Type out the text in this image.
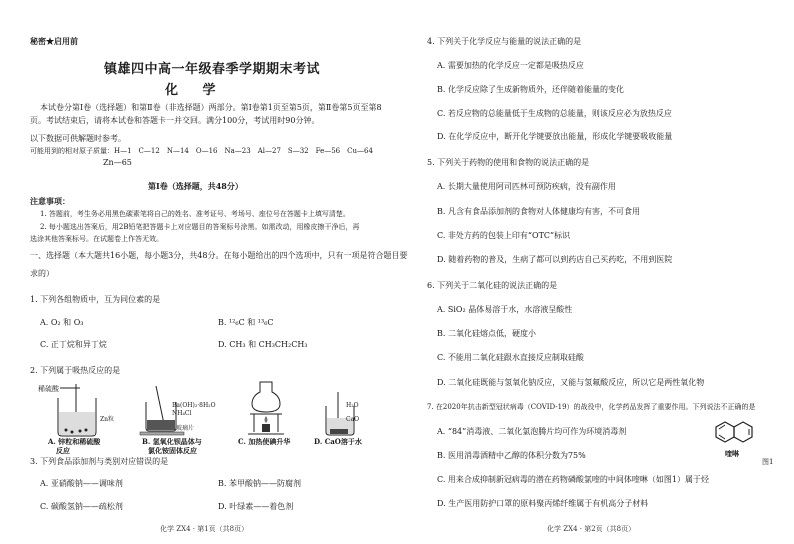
秘密★启用前
镇雄四中高一年级春季学期期末考试
化 学
本试卷分第Ⅰ卷（选择题）和第Ⅱ卷（非选择题）两部分。第Ⅰ卷第1页至第5页，第Ⅱ卷第5页至第8
页。考试结束后，请将本试卷和答题卡一并交回。满分100分，考试用时90分钟。
以下数据可供解题时参考。
可能用到的相对原子质量：H—1　C—12　N—14　O—16　Na—23　Al—27　S—32　Fe—56　Cu—64
Zn—65
第Ⅰ卷（选择题，共48分）
注意事项：
1. 答题前，考生务必用黑色碳素笔将自己的姓名、准考证号、考场号、座位号在答题卡上填写清楚。
2. 每小题选出答案后，用2B铅笔把答题卡上对应题目的答案标号涂黑。如需改动，用橡皮擦干净后，再
选涂其他答案标号。在试题卷上作答无效。
一、选择题（本大题共16小题，每小题3分，共48分。在每小题给出的四个选项中，只有一项是符合题目要
求的）
1. 下列各组物质中，互为同位素的是
A. O₂ 和 O₃	B. ¹²₆C 和 ¹³₆C
C. 正丁烷和异丁烷	D. CH₃ 和 CH₃CH₂CH₃
2. 下列属于吸热反应的是
稀硫酸
Zn粒
A. 锌粒和稀硫酸
反应
Ba(OH)₂·8H₂O
NH₄Cl
玻璃片
B. 氢氧化钡晶体与
氯化铵固体反应
C. 加热使碘升华
H₂O
CaO
D. CaO溶于水
3. 下列食品添加剂与类别对应错误的是
A. 亚硝酸钠——调味剂	B. 苯甲酸钠——防腐剂
C. 碳酸氢钠——疏松剂	D. 叶绿素——着色剂
化学 ZX4 · 第1页（共8页）
4. 下列关于化学反应与能量的说法正确的是
A. 需要加热的化学反应一定都是吸热反应
B. 化学反应除了生成新物质外，还伴随着能量的变化
C. 若反应物的总能量低于生成物的总能量，则该反应必为放热反应
D. 在化学反应中，断开化学键要放出能量，形成化学键要吸收能量
5. 下列关于药物的使用和食物的说法正确的是
A. 长期大量使用阿司匹林可预防疾病，没有副作用
B. 凡含有食品添加剂的食物对人体健康均有害，不可食用
C. 非处方药的包装上印有“OTC”标识
D. 随着药物的普及，生病了都可以到药店自己买药吃，不用到医院
6. 下列关于二氧化硅的说法正确的是
A. SiO₂ 晶体易溶于水，水溶液呈酸性
B. 二氧化硅熔点低，硬度小
C. 不能用二氧化硅跟水直接反应制取硅酸
D. 二氧化硅既能与氢氧化钠反应，又能与氢氟酸反应，所以它是两性氧化物
7. 在2020年抗击新型冠状病毒（COVID-19）的战役中，化学药品发挥了重要作用。下列说法不正确的是
A. “84”消毒液、二氧化氯泡腾片均可作为环境消毒剂
B. 医用消毒酒精中乙醇的体积分数为75%
C. 用来合成抑制新冠病毒的潜在药物磷酸氯喹的中间体喹啉（如图1）属于烃
D. 生产医用防护口罩的原料聚丙烯纤维属于有机高分子材料
喹啉
图1
化学 ZX4 · 第2页（共8页）
